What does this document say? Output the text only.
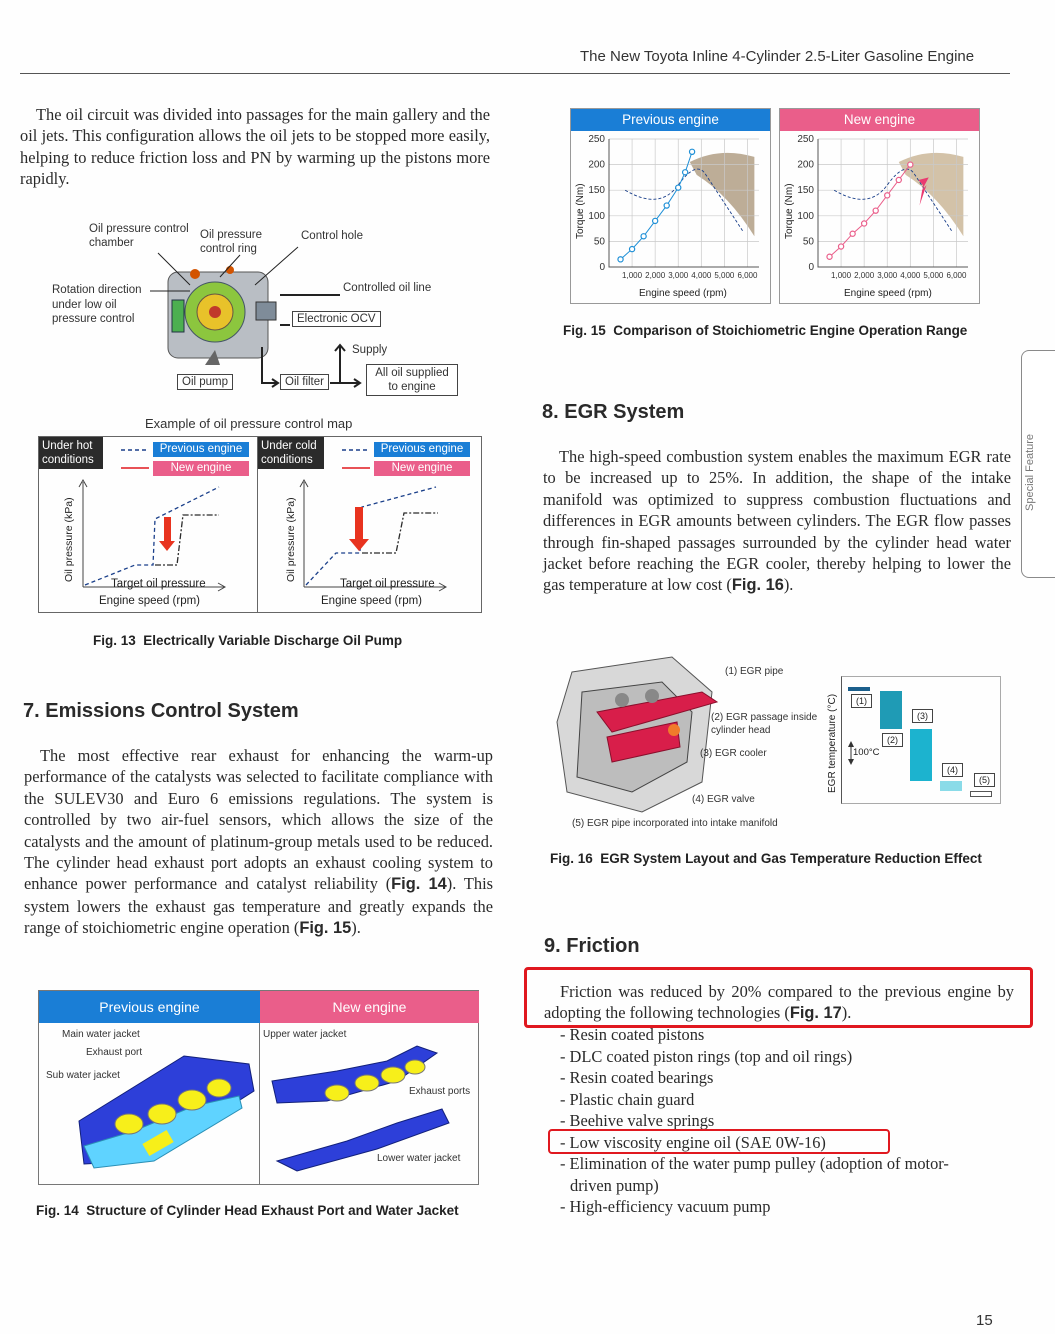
The New Toyota Inline 4-Cylinder 2.5-Liter Gasoline Engine
Special Feature

The oil circuit was divided into passages for the main gallery and the oil jets. This configuration allows the oil jets to be stopped more easily, helping to reduce friction loss and PN by warming up the pistons more rapidly.

Oil pressure control chamber
Oil pressure control ring
Control hole
Rotation direction under low oil pressure control
Controlled oil line
Electronic OCV
Supply
Oil pump	Oil filter
All oil supplied to engine
Example of oil pressure control map
Under hot conditions
Previous engine
New engine
Oil pressure (kPa)
Target oil pressure
Engine speed (rpm)
Under cold conditions
Previous engine
New engine
Oil pressure (kPa)
Target oil pressure
Engine speed (rpm)
Fig. 13 Electrically Variable Discharge Oil Pump
7. Emissions Control System

The most effective rear exhaust for enhancing the warm-up performance of the catalysts was selected to facilitate compliance with the SULEV30 and Euro 6 emissions regulations. The system is controlled by two air-fuel sensors, which allows the size of the catalysts and the amount of platinum-group metals used to be reduced. The cylinder head exhaust port adopts an exhaust cooling system to enhance power performance and catalyst reliability (Fig. 14). This system lowers the exhaust gas temperature and greatly expands the range of stoichiometric engine operation (Fig. 15).

Previous engine	New engine
Main water jacket
Exhaust port
Sub water jacket
Upper water jacket
Exhaust ports
Lower water jacket
Fig. 14 Structure of Cylinder Head Exhaust Port and Water Jacket
Previous engine
Torque (Nm)
0
50
100
150
200
250
1,000 2,000 3,000 4,000 5,000 6,000
Engine speed (rpm)
New engine
Torque (Nm)
0
50
100
150
200
250
1,000 2,000 3,000 4,000 5,000 6,000
Engine speed (rpm)
Fig. 15 Comparison of Stoichiometric Engine Operation Range
8. EGR System

The high-speed combustion system enables the maximum EGR rate to be increased up to 25%. In addition, the shape of the intake manifold was optimized to suppress combustion fluctuations and differences in EGR amounts between cylinders. The EGR flow passes through fin-shaped passages surrounded by the cylinder head water jacket before reaching the EGR cooler, thereby helping to lower the gas temperature at low cost (Fig. 16).

(1) EGR pipe
(2) EGR passage inside cylinder head
(3) EGR cooler
(4) EGR valve
(5) EGR pipe incorporated into intake manifold
EGR temperature (°C)	(1)
(2)
(3)
(4)
(5)
100°C
Fig. 16 EGR System Layout and Gas Temperature Reduction Effect
9. Friction

Friction was reduced by 20% compared to the previous engine by adopting the following technologies (Fig. 17).

- Resin coated pistons
- DLC coated piston rings (top and oil rings)
- Resin coated bearings
- Plastic chain guard
- Beehive valve springs
- Low viscosity engine oil (SAE 0W-16)
- Elimination of the water pump pulley (adoption of motor-
driven pump)
- High-efficiency vacuum pump
15
